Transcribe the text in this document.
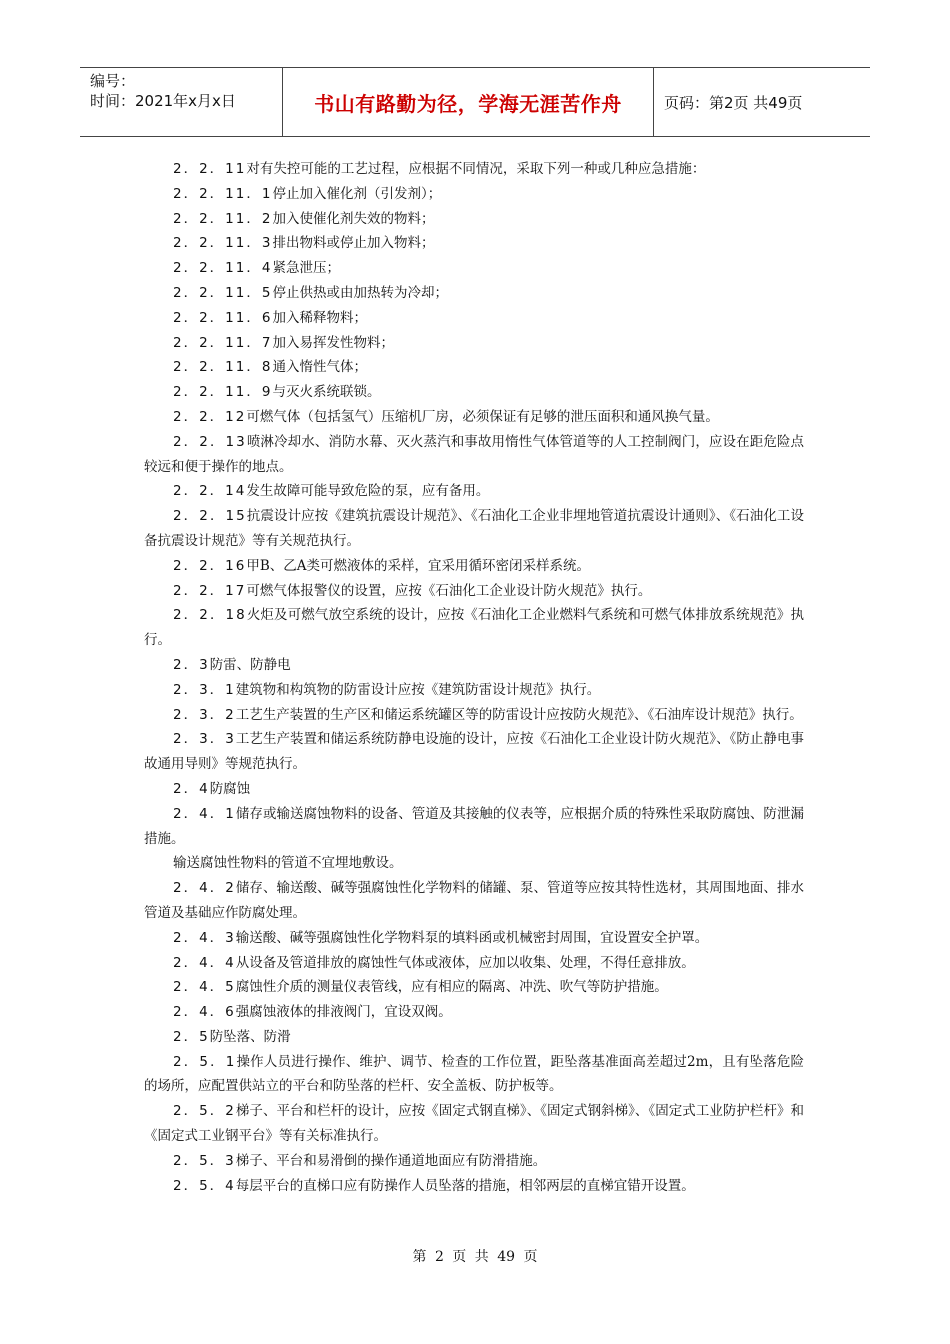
编号：
时间：2021年x月x日	书山有路勤为径，学海无涯苦作舟	页码：第2页 共49页

2．2．11对有失控可能的工艺过程，应根据不同情况，采取下列一种或几种应急措施：

2．2．11．1停止加入催化剂（引发剂）；

2．2．11．2加入使催化剂失效的物料；

2．2．11．3排出物料或停止加入物料；

2．2．11．4紧急泄压；

2．2．11．5停止供热或由加热转为冷却；

2．2．11．6加入稀释物料；

2．2．11．7加入易挥发性物料；

2．2．11．8通入惰性气体；

2．2．11．9与灭火系统联锁。

2．2．12可燃气体（包括氢气）压缩机厂房，必须保证有足够的泄压面积和通风换气量。

2．2．13喷淋冷却水、消防水幕、灭火蒸汽和事故用惰性气体管道等的人工控制阀门，应设在距危险点较远和便于操作的地点。

2．2．14发生故障可能导致危险的泵，应有备用。

2．2．15抗震设计应按《建筑抗震设计规范》、《石油化工企业非埋地管道抗震设计通则》、《石油化工设备抗震设计规范》等有关规范执行。

2．2．16甲B、乙A类可燃液体的采样，宜采用循环密闭采样系统。

2．2．17可燃气体报警仪的设置，应按《石油化工企业设计防火规范》执行。

2．2．18火炬及可燃气放空系统的设计，应按《石油化工企业燃料气系统和可燃气体排放系统规范》执行。

2．3防雷、防静电

2．3．1建筑物和构筑物的防雷设计应按《建筑防雷设计规范》执行。

2．3．2工艺生产装置的生产区和储运系统罐区等的防雷设计应按防火规范》、《石油库设计规范》执行。

2．3．3工艺生产装置和储运系统防静电设施的设计，应按《石油化工企业设计防火规范》、《防止静电事故通用导则》等规范执行。

2．4防腐蚀

2．4．1储存或输送腐蚀物料的设备、管道及其接触的仪表等，应根据介质的特殊性采取防腐蚀、防泄漏措施。

输送腐蚀性物料的管道不宜埋地敷设。

2．4．2储存、输送酸、碱等强腐蚀性化学物料的储罐、泵、管道等应按其特性选材，其周围地面、排水管道及基础应作防腐处理。

2．4．3输送酸、碱等强腐蚀性化学物料泵的填料函或机械密封周围，宜设置安全护罩。

2．4．4从设备及管道排放的腐蚀性气体或液体，应加以收集、处理，不得任意排放。

2．4．5腐蚀性介质的测量仪表管线，应有相应的隔离、冲洗、吹气等防护措施。

2．4．6强腐蚀液体的排液阀门，宜设双阀。

2．5防坠落、防滑

2．5．1操作人员进行操作、维护、调节、检查的工作位置，距坠落基准面高差超过2m，且有坠落危险的场所，应配置供站立的平台和防坠落的栏杆、安全盖板、防护板等。

2．5．2梯子、平台和栏杆的设计，应按《固定式钢直梯》、《固定式钢斜梯》、《固定式工业防护栏杆》和《固定式工业钢平台》等有关标准执行。

2．5．3梯子、平台和易滑倒的操作通道地面应有防滑措施。

2．5．4每层平台的直梯口应有防操作人员坠落的措施，相邻两层的直梯宜错开设置。

第 2 页 共 49 页
